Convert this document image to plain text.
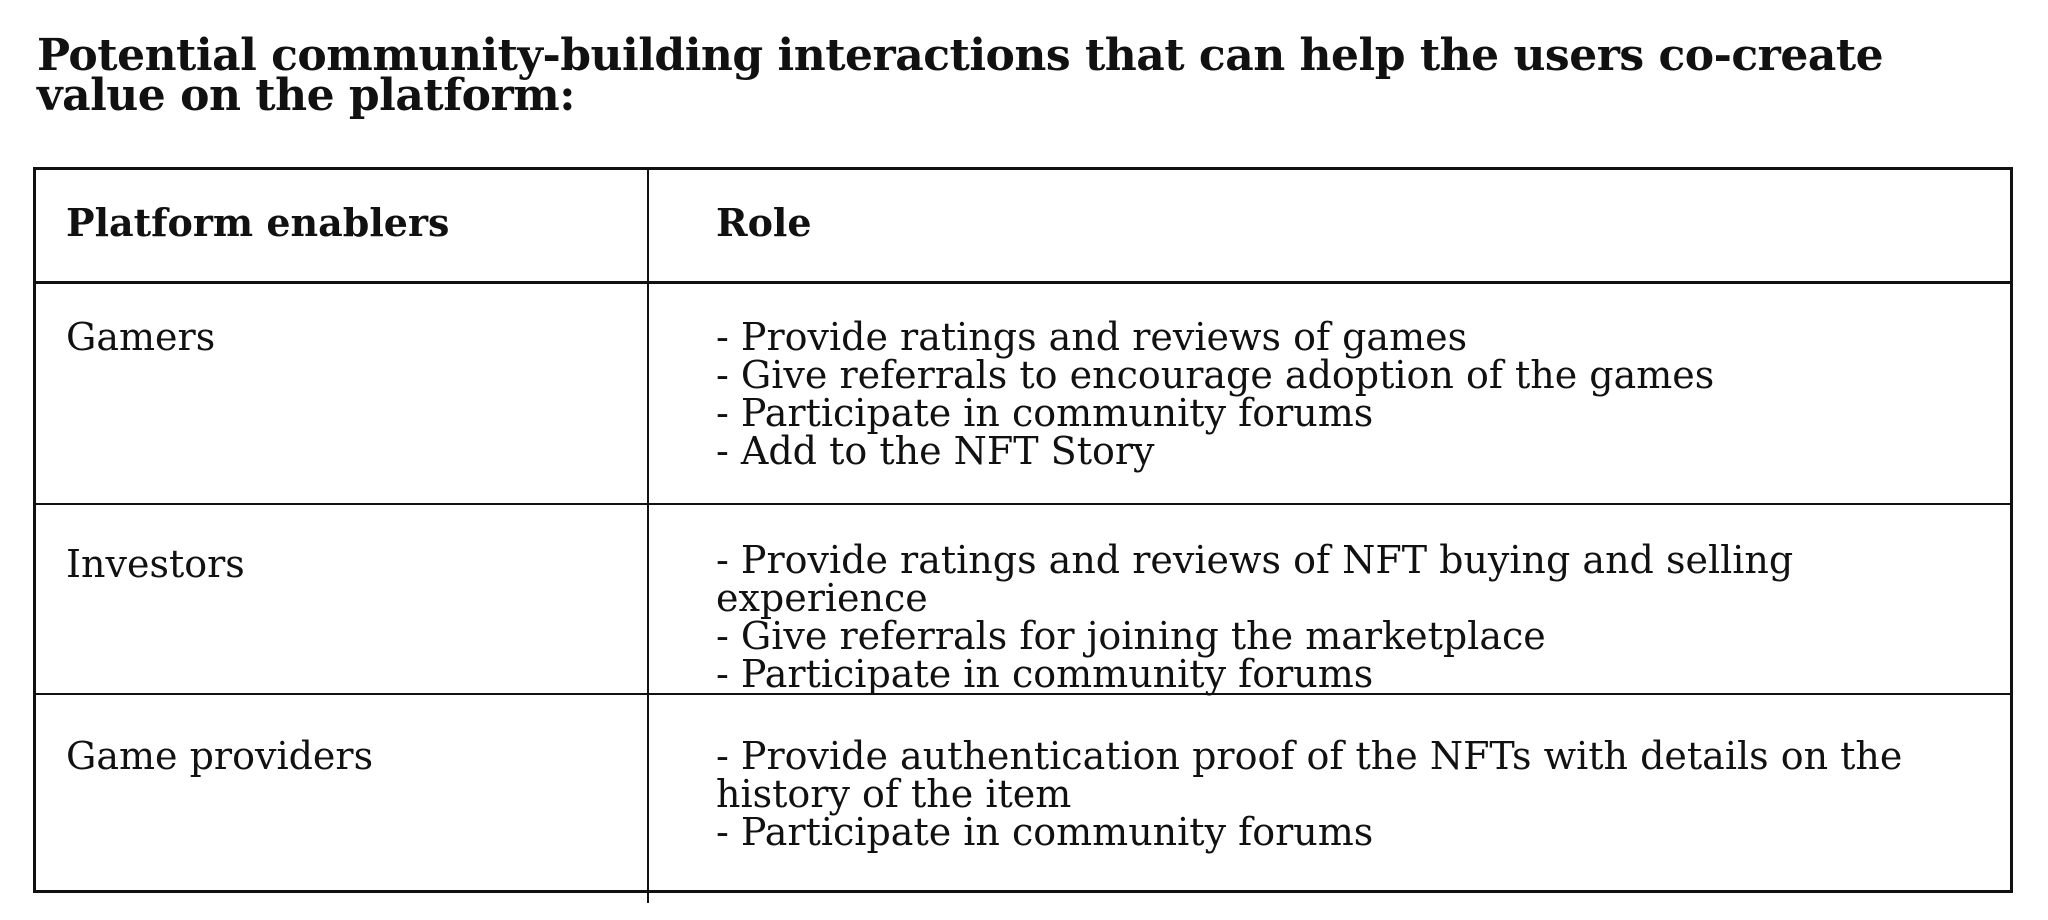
Potential community-building interactions that can help the users co-create value on the platform:
Platform enablers	Role
Gamers	- Provide ratings and reviews of games
- Give referrals to encourage adoption of the games
- Participate in community forums
- Add to the NFT Story

Investors	- Provide ratings and reviews of NFT buying and selling experience
- Give referrals for joining the marketplace
- Participate in community forums

Game providers	- Provide authentication proof of the NFTs with details on the history of the item
- Participate in community forums
